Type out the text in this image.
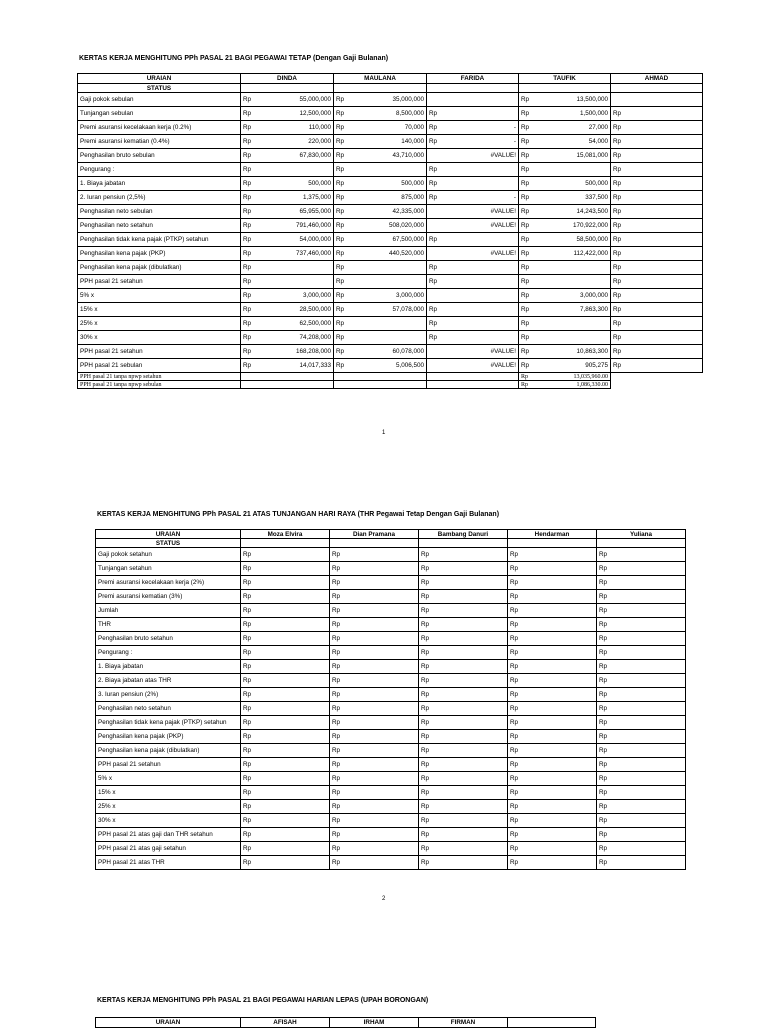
KERTAS KERJA MENGHITUNG PPh PASAL 21 BAGI PEGAWAI TETAP (Dengan Gaji Bulanan)
URAIAN	DINDA	MAULANA	FARIDA	TAUFIK	AHMAD
STATUS					
Gaji pokok sebulan	Rp 55,000,000	Rp 35,000,000		Rp 13,500,000	

Tunjangan sebulan	Rp 12,500,000	Rp 8,500,000	Rp	Rp 1,500,000	Rp

Premi asuransi kecelakaan kerja (0.2%)	Rp 110,000	Rp 70,000	Rp -	Rp 27,000	Rp

Premi asuransi kematian (0.4%)	Rp 220,000	Rp 140,000	Rp -	Rp 54,000	Rp

Penghasilan bruto sebulan	Rp 67,830,000	Rp 43,710,000	#VALUE!	Rp 15,081,000	Rp

Pengurang :	Rp	Rp	Rp	Rp	Rp

1. Biaya jabatan	Rp 500,000	Rp 500,000	Rp	Rp 500,000	Rp

2. Iuran pensiun (2,5%)	Rp 1,375,000	Rp 875,000	Rp -	Rp 337,500	Rp

Penghasilan neto sebulan	Rp 65,955,000	Rp 42,335,000	#VALUE!	Rp 14,243,500	Rp

Penghasilan neto setahun	Rp 791,460,000	Rp 508,020,000	#VALUE!	Rp 170,922,000	Rp

Penghasilan tidak kena pajak (PTKP) setahun	Rp 54,000,000	Rp 67,500,000	Rp	Rp 58,500,000	Rp

Penghasilan kena pajak (PKP)	Rp 737,460,000	Rp 440,520,000	#VALUE!	Rp 112,422,000	Rp

Penghasilan kena pajak (dibulatkan)	Rp	Rp	Rp	Rp	Rp

PPH pasal 21 setahun	Rp	Rp	Rp	Rp	Rp

5% x	Rp 3,000,000	Rp 3,000,000		Rp 3,000,000	Rp

15% x	Rp 28,500,000	Rp 57,078,000	Rp	Rp 7,863,300	Rp

25% x	Rp 62,500,000	Rp	Rp	Rp	Rp

30% x	Rp 74,208,000	Rp	Rp	Rp	Rp

PPH pasal 21 setahun	Rp 168,208,000	Rp 60,078,000	#VALUE!	Rp 10,863,300	Rp

PPH pasal 21 sebulan	Rp 14,017,333	Rp 5,006,500	#VALUE!	Rp 905,275	Rp

PPH pasal 21 tanpa npwp setahun				Rp 13,035,960.00	

PPH pasal 21 tanpa npwp sebulan				Rp 1,086,330.00	
1
KERTAS KERJA MENGHITUNG PPh PASAL 21 ATAS TUNJANGAN HARI RAYA (THR Pegawai Tetap Dengan Gaji Bulanan)
URAIAN	Moza Elvira	Dian Pramana	Bambang Danuri	Hendarman	Yuliana
STATUS					
Gaji pokok setahun	Rp	Rp	Rp	Rp	Rp

Tunjangan setahun	Rp	Rp	Rp	Rp	Rp

Premi asuransi kecelakaan kerja (2%)	Rp	Rp	Rp	Rp	Rp

Premi asuransi kematian (3%)	Rp	Rp	Rp	Rp	Rp

Jumlah	Rp	Rp	Rp	Rp	Rp

THR	Rp	Rp	Rp	Rp	Rp

Penghasilan bruto setahun	Rp	Rp	Rp	Rp	Rp

Pengurang :	Rp	Rp	Rp	Rp	Rp

1. Biaya jabatan	Rp	Rp	Rp	Rp	Rp

2. Biaya jabatan atas THR	Rp	Rp	Rp	Rp	Rp

3. Iuran pensiun (2%)	Rp	Rp	Rp	Rp	Rp

Penghasilan neto setahun	Rp	Rp	Rp	Rp	Rp

Penghasilan tidak kena pajak (PTKP) setahun	Rp	Rp	Rp	Rp	Rp

Penghasilan kena pajak (PKP)	Rp	Rp	Rp	Rp	Rp

Penghasilan kena pajak (dibulatkan)	Rp	Rp	Rp	Rp	Rp

PPH pasal 21 setahun	Rp	Rp	Rp	Rp	Rp

5% x	Rp	Rp	Rp	Rp	Rp

15% x	Rp	Rp	Rp	Rp	Rp

25% x	Rp	Rp	Rp	Rp	Rp

30% x	Rp	Rp	Rp	Rp	Rp

PPH pasal 21 atas gaji dan THR setahun	Rp	Rp	Rp	Rp	Rp

PPH pasal 21 atas gaji setahun	Rp	Rp	Rp	Rp	Rp

PPH pasal 21 atas THR	Rp	Rp	Rp	Rp	Rp
2
KERTAS KERJA MENGHITUNG PPh PASAL 21 BAGI PEGAWAI HARIAN LEPAS (UPAH BORONGAN)
URAIAN	AFISAH	IRHAM	FIRMAN	
